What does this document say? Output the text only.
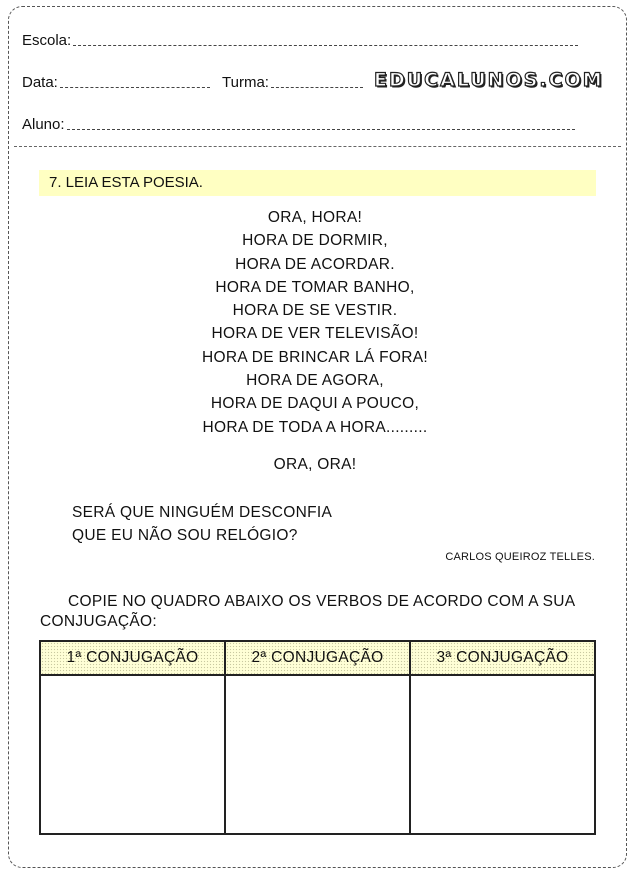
Escola:
Data:	Turma:	EDUCALUNOS.COM
Aluno:
7. LEIA ESTA POESIA.
ORA, HORA!
HORA DE DORMIR,
HORA DE ACORDAR.
HORA DE TOMAR BANHO,
HORA DE SE VESTIR.
HORA DE VER TELEVISÃO!
HORA DE BRINCAR LÁ FORA!
HORA DE AGORA,
HORA DE DAQUI A POUCO,
HORA DE TODA A HORA.........
ORA, ORA!
SERÁ QUE NINGUÉM DESCONFIA
QUE EU NÃO SOU RELÓGIO?
CARLOS QUEIROZ TELLES.
COPIE NO QUADRO ABAIXO OS VERBOS DE ACORDO COM A SUA CONJUGAÇÃO:
1ª CONJUGAÇÃO	2ª CONJUGAÇÃO	3ª CONJUGAÇÃO
